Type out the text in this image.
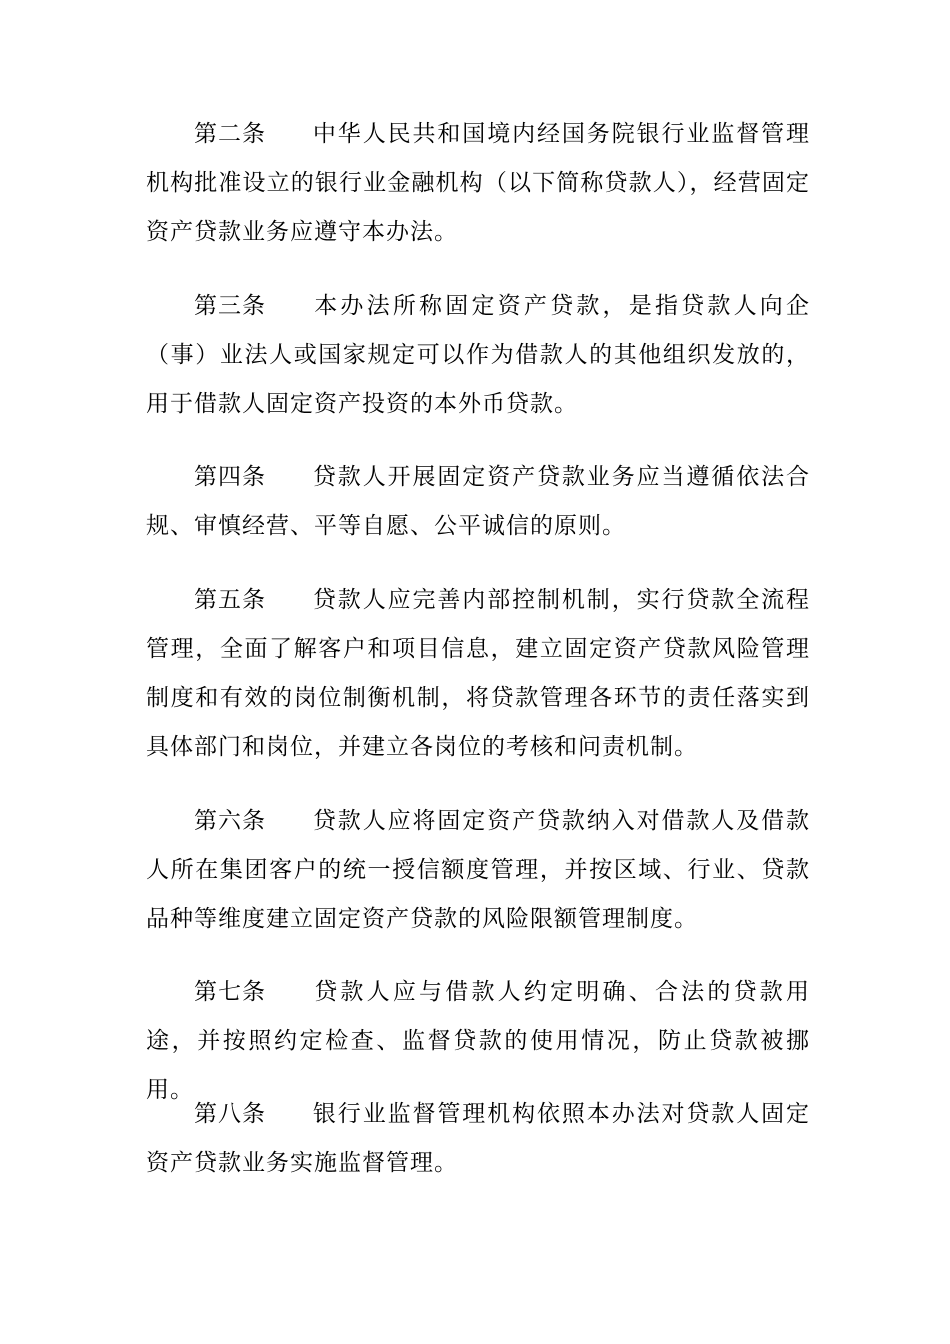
第二条 中华人民共和国境内经国务院银行业监督管理机构批准设立的银行业金融机构（以下简称贷款人），经营固定资产贷款业务应遵守本办法。

第三条 本办法所称固定资产贷款，是指贷款人向企（事）业法人或国家规定可以作为借款人的其他组织发放的，用于借款人固定资产投资的本外币贷款。

第四条 贷款人开展固定资产贷款业务应当遵循依法合规、审慎经营、平等自愿、公平诚信的原则。

第五条 贷款人应完善内部控制机制，实行贷款全流程管理，全面了解客户和项目信息，建立固定资产贷款风险管理制度和有效的岗位制衡机制，将贷款管理各环节的责任落实到具体部门和岗位，并建立各岗位的考核和问责机制。

第六条 贷款人应将固定资产贷款纳入对借款人及借款人所在集团客户的统一授信额度管理，并按区域、行业、贷款品种等维度建立固定资产贷款的风险限额管理制度。

第七条 贷款人应与借款人约定明确、合法的贷款用途，并按照约定检查、监督贷款的使用情况，防止贷款被挪用。

第八条 银行业监督管理机构依照本办法对贷款人固定资产贷款业务实施监督管理。
